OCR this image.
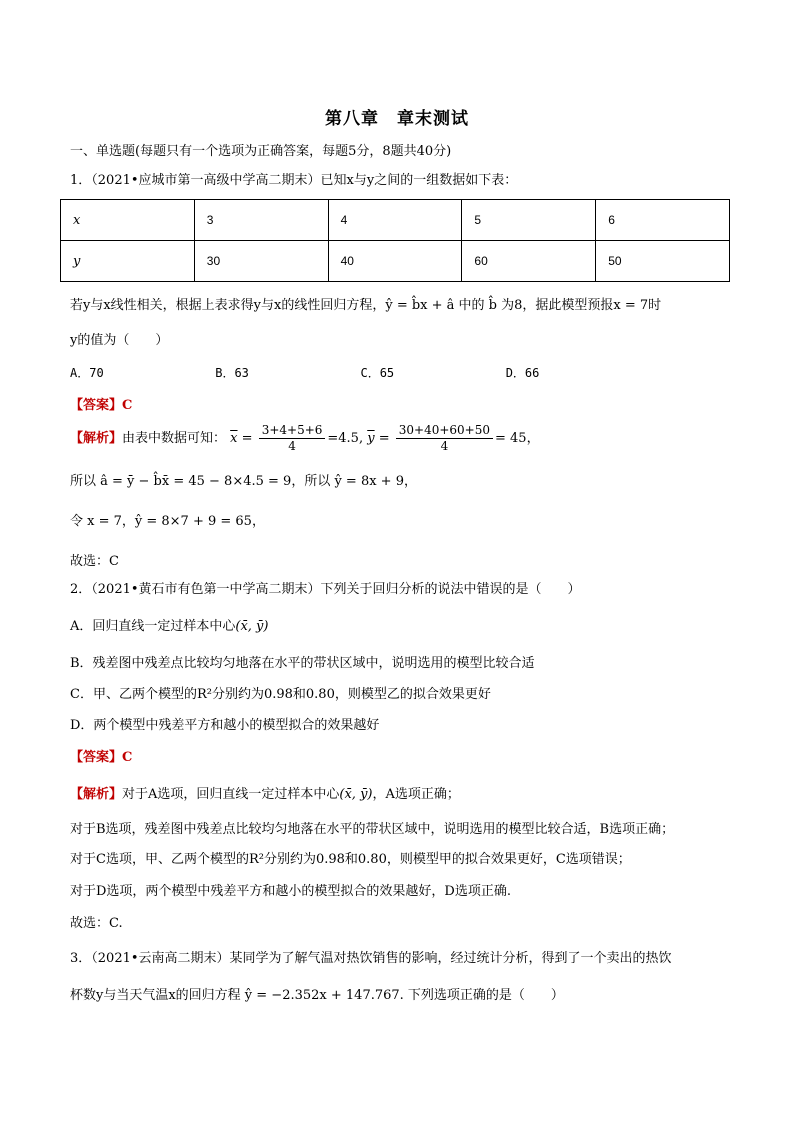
第八章　章末测试
一、单选题(每题只有一个选项为正确答案，每题5分，8题共40分)
1．（2021•应城市第一高级中学高二期末）已知x与y之间的一组数据如下表：
x	3	4	5	6
y	30	40	60	50
若y与x线性相关，根据上表求得y与x的线性回归方程，ŷ = b̂x + â 中的 b̂ 为8，据此模型预报x = 7时
y的值为（　　）
A．70	B．63	C．65	D．66
【答案】C
【解析】由表中数据可知： $\overline{x} = \frac{3+4+5+6}{4} =4.5$, $\overline{y} = \frac{30+40+60+50}{4} = 45$，
所以 â = ȳ − b̂x̄ = 45 − 8×4.5 = 9，所以 ŷ = 8x + 9，
令 x = 7，ŷ = 8×7 + 9 = 65，
故选：C
2．（2021•黄石市有色第一中学高二期末）下列关于回归分析的说法中错误的是（　　）
A．回归直线一定过样本中心(x̄, ȳ)
B．残差图中残差点比较均匀地落在水平的带状区域中，说明选用的模型比较合适
C．甲、乙两个模型的R²分别约为0.98和0.80，则模型乙的拟合效果更好
D．两个模型中残差平方和越小的模型拟合的效果越好
【答案】C
【解析】对于A选项，回归直线一定过样本中心(x̄, ȳ)，A选项正确；
对于B选项，残差图中残差点比较均匀地落在水平的带状区域中，说明选用的模型比较合适，B选项正确；
对于C选项，甲、乙两个模型的R²分别约为0.98和0.80，则模型甲的拟合效果更好，C选项错误；
对于D选项，两个模型中残差平方和越小的模型拟合的效果越好，D选项正确.
故选：C.
3．（2021•云南高二期末）某同学为了解气温对热饮销售的影响，经过统计分析，得到了一个卖出的热饮
杯数y与当天气温x的回归方程 ŷ = −2.352x + 147.767. 下列选项正确的是（　　）
